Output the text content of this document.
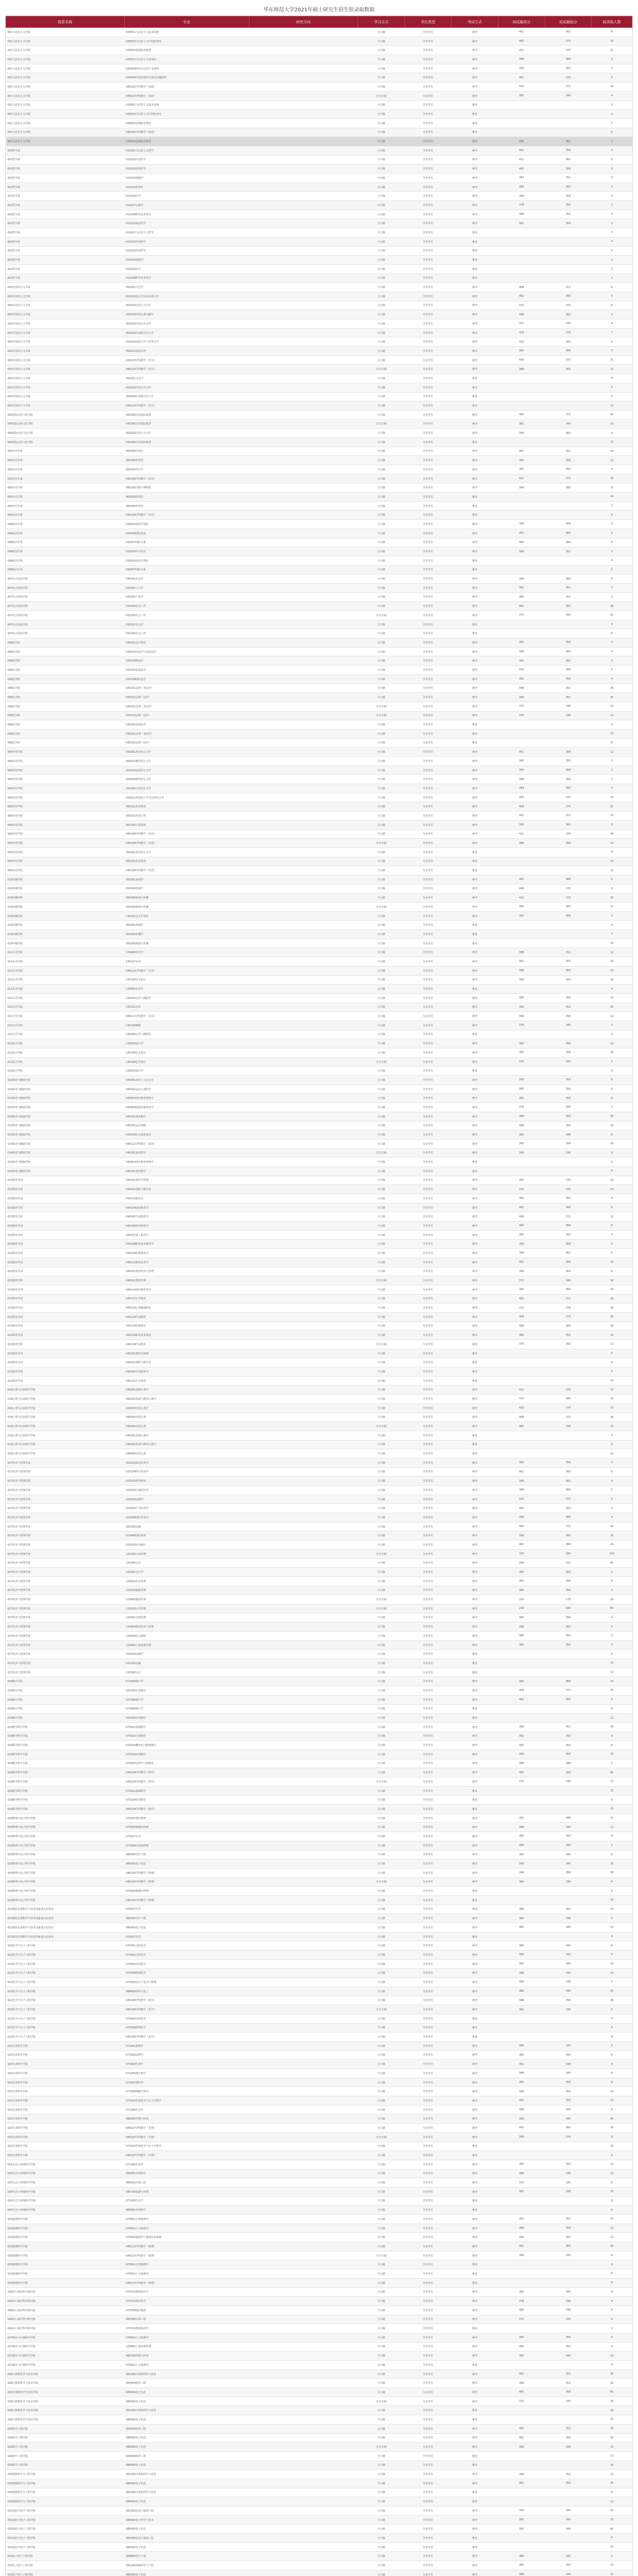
华东师范大学2021年硕士研究生招生拟录取数据
院系名称	专业	研究方向	学习方式	学位类型	考试方式	初试最高分	初试最低分	拟录取人数
001马克思主义学院	030501马克思主义基本原理		全日制	学术学位	统考	402	362	6
001马克思主义学院	030503马克思主义中国化研究		全日制	学术学位	统考	405	373	10
001马克思主义学院	030505思想政治教育		全日制	学术学位	统考	411	375	11
001马克思主义学院	030502马克思主义发展史		全日制	学术学位	统考	398	368	4
001马克思主义学院	030504国外马克思主义研究		全日制	学术学位	统考	390	365	3
001马克思主义学院	030506中国近现代史基本问题研究		全日制	学术学位	统考	401	370	5
001马克思主义学院	045102学科教学（思政）		全日制	专业学位	统考	410	372	16
001马克思主义学院	045102学科教学（思政）		非全日制	专业学位	统考	385	346	4
001马克思主义学院	030501马克思主义基本原理		全日制	学术学位	推免			3
001马克思主义学院	030503马克思主义中国化研究		全日制	学术学位	推免			4
001马克思主义学院	030505思想政治教育		全日制	学术学位	推免			5
001马克思主义学院	045102学科教学（思政）		全日制	专业学位	推免			6
001马克思主义学院	030505思想政治教育		全日制	学术学位	统考	395	361	2
002哲学系	010101马克思主义哲学		全日制	学术学位	统考	402	356	4
002哲学系	010102中国哲学		全日制	学术学位	统考	412	361	5
002哲学系	010103外国哲学		全日制	学术学位	统考	405	358	6
002哲学系	010104逻辑学		全日制	学术学位	统考	387	351	3
002哲学系	010105伦理学		全日制	学术学位	统考	395	362	3
002哲学系	010106美学		全日制	学术学位	统考	399	356	4
002哲学系	010107宗教学		全日制	学术学位	统考	378	350	2
002哲学系	010108科学技术哲学		全日制	学术学位	统考	388	352	3
002哲学系	0101Z1政治哲学		全日制	学术学位	统考	391	355	2
002哲学系	010101马克思主义哲学		全日制	学术学位	推免			3
002哲学系	010102中国哲学		全日制	学术学位	推免			4
002哲学系	010103外国哲学		全日制	学术学位	推免			5
002哲学系	010104逻辑学		全日制	学术学位	推免			2
002哲学系	010106美学		全日制	学术学位	推免			2
002哲学系	010108科学技术哲学		全日制	学术学位	推免			2
003中国语言文学系	050101文艺学		全日制	学术学位	统考	408	372	6
003中国语言文学系	050102语言学及应用语言学		全日制	学术学位	统考	402	365	5
003中国语言文学系	050103汉语言文字学		全日制	学术学位	统考	415	370	6
003中国语言文学系	050104中国古典文献学		全日制	学术学位	统考	398	362	3
003中国语言文学系	050105中国古代文学		全日制	学术学位	统考	421	378	8
003中国语言文学系	050106中国现当代文学		全日制	学术学位	统考	418	376	7
003中国语言文学系	050108比较文学与世界文学		全日制	学术学位	统考	410	369	5
003中国语言文学系	0501Z1创意写作		全日制	学术学位	统考	395	360	3
003中国语言文学系	045103学科教学（语文）		全日制	专业学位	统考	409	375	31
003中国语言文学系	045103学科教学（语文）		非全日制	专业学位	统考	388	350	12
003中国语言文学系	050101文艺学		全日制	学术学位	推免			4
003中国语言文学系	050105中国古代文学		全日制	学术学位	推免			6
003中国语言文学系	050106中国现当代文学		全日制	学术学位	推免			5
003中国语言文学系	045103学科教学（语文）		全日制	专业学位	推免			15
004国际汉语文化学院	045300汉语国际教育		全日制	专业学位	统考	405	371	42
004国际汉语文化学院	045300汉语国际教育		非全日制	专业学位	统考	381	343	10
004国际汉语文化学院	050103汉语言文字学		全日制	学术学位	统考	396	362	4
004国际汉语文化学院	045300汉语国际教育		全日制	专业学位	推免			12
005历史学系	060200中国史		全日制	学术学位	统考	402	361	18
005历史学系	060300世界史		全日制	学术学位	统考	395	356	12
005历史学系	060100考古学		全日制	学术学位	统考	382	350	4
005历史学系	045109学科教学（历史）		全日制	专业学位	统考	411	372	20
005历史学系	065100文物与博物馆		全日制	专业学位	统考	398	360	8
005历史学系	060200中国史		全日制	学术学位	推免			10
005历史学系	060300世界史		全日制	学术学位	推免			7
005历史学系	045109学科教学（历史）		全日制	专业学位	推免			8
006政治学系	030201政治学理论		全日制	学术学位	统考	396	358	5
006政治学系	030206国际政治		全日制	学术学位	统考	402	364	6
006政治学系	030207国际关系		全日制	学术学位	统考	405	366	6
006政治学系	030203中共党史		全日制	学术学位	统考	388	352	3
006政治学系	030201政治学理论		全日制	学术学位	推免			4
006政治学系	030207国际关系		全日制	学术学位	推免			5
007社会发展学院	030301社会学		全日制	学术学位	统考	398	360	8
007社会发展学院	030302人口学		全日制	学术学位	统考	381	351	3
007社会发展学院	030303人类学		全日制	学术学位	统考	385	352	3
007社会发展学院	035200社会工作		全日制	专业学位	统考	402	365	28
007社会发展学院	035200社会工作		非全日制	专业学位	统考	372	340	10
007社会发展学院	030301社会学		全日制	学术学位	推免			6
007社会发展学院	035200社会工作		全日制	专业学位	推免			8
008法学院	030101法学理论		全日制	学术学位	统考	395	356	3
008法学院	030103宪法学与行政法学		全日制	学术学位	统考	398	360	4
008法学院	030104刑法学		全日制	学术学位	统考	402	362	4
008法学院	030105民商法学		全日制	学术学位	统考	410	368	5
008法学院	030109国际法学		全日制	学术学位	统考	392	358	4
008法学院	035101法律（非法学）		全日制	专业学位	统考	398	352	35
008法学院	035102法律（法学）		全日制	专业学位	统考	396	351	30
008法学院	035101法律（非法学）		非全日制	专业学位	统考	375	338	12
008法学院	035102法律（法学）		非全日制	专业学位	统考	370	336	10
008法学院	030105民商法学		全日制	学术学位	推免			4
008法学院	035101法律（非法学）		全日制	专业学位	推免			10
008法学院	035102法律（法学）		全日制	专业学位	推免			8
009外语学院	050201英语语言文学		全日制	学术学位	统考	401	368	12
009外语学院	050202俄语语言文学		全日制	学术学位	统考	385	355	3
009外语学院	050203法语语言文学		全日制	学术学位	统考	390	358	3
009外语学院	050204德语语言文学		全日制	学术学位	统考	388	356	3
009外语学院	050205日语语言文学		全日制	学术学位	统考	394	360	4
009外语学院	050211外国语言学及应用语言学		全日制	学术学位	统考	405	370	10
009外语学院	055101英语笔译		全日制	专业学位	统考	408	375	25
009外语学院	055102英语口译		全日制	专业学位	统考	402	372	15
009外语学院	055105日语笔译		全日制	专业学位	统考	395	362	6
009外语学院	045108学科教学（英语）		全日制	专业学位	统考	412	378	36
009外语学院	045108学科教学（英语）		非全日制	专业学位	统考	386	350	10
009外语学院	050201英语语言文学		全日制	学术学位	推免			8
009外语学院	055101英语笔译		全日制	专业学位	推免			10
009外语学院	045108学科教学（英语）		全日制	专业学位	推免			12
010传播学院	050301新闻学		全日制	学术学位	统考	405	368	6
010传播学院	050302传播学		全日制	学术学位	统考	408	370	6
010传播学院	055200新闻与传播		全日制	专业学位	统考	410	372	30
010传播学院	055200新闻与传播		非全日制	专业学位	统考	380	345	8
010传播学院	135101艺术学理论		全日制	学术学位	统考	392	358	3
010传播学院	050301新闻学		全日制	学术学位	推免			4
010传播学院	050302传播学		全日制	学术学位	推免			4
010传播学院	055200新闻与传播		全日制	专业学位	推免			10
011美术学院	130400美术学		全日制	学术学位	统考	388	352	12
011美术学院	135107美术		全日制	专业学位	统考	392	355	18
011美术学院	045113学科教学（美术）		全日制	专业学位	统考	396	360	14
011美术学院	135108艺术设计		全日制	专业学位	统考	390	354	16
011美术学院	130400美术学		全日制	学术学位	推免			4
012音乐学院	130200音乐与舞蹈学		全日制	学术学位	统考	385	350	10
012音乐学院	135101音乐		全日制	专业学位	统考	390	352	20
012音乐学院	045111学科教学（音乐）		全日制	专业学位	统考	394	358	12
012音乐学院	135106舞蹈		全日制	专业学位	统考	376	345	5
012音乐学院	130200音乐与舞蹈学		全日制	学术学位	推免			3
013设计学院	130500设计学		全日制	学术学位	统考	392	356	10
013设计学院	135108艺术设计		全日制	专业学位	统考	395	358	24
013设计学院	135108艺术设计		非全日制	专业学位	统考	370	340	6
013设计学院	130500设计学		全日制	学术学位	推免			4
014体育与健康学院	040301体育人文社会学		全日制	学术学位	统考	390	355	6
014体育与健康学院	040302运动人体科学		全日制	学术学位	统考	385	350	6
014体育与健康学院	040303体育教育训练学		全日制	学术学位	统考	392	356	8
014体育与健康学院	040304民族传统体育学		全日制	学术学位	统考	376	346	3
014体育与健康学院	045201体育教学		全日制	专业学位	统考	398	360	30
014体育与健康学院	045202运动训练		全日制	专业学位	统考	386	350	16
014体育与健康学院	045204社会体育指导		全日制	专业学位	统考	380	348	8
014体育与健康学院	045112学科教学（体育）		全日制	专业学位	统考	395	358	20
014体育与健康学院	045201体育教学		非全日制	专业学位	统考	366	336	8
014体育与健康学院	040303体育教育训练学		全日制	学术学位	推免			5
014体育与健康学院	045201体育教学		全日制	专业学位	推免			8
015教育学部	040101教育学原理		全日制	学术学位	统考	405	370	10
015教育学部	040102课程与教学论		全日制	学术学位	统考	410	375	14
015教育学部	040103教育史		全日制	学术学位	统考	392	360	4
015教育学部	040104比较教育学		全日制	学术学位	统考	402	368	6
015教育学部	040105学前教育学		全日制	学术学位	统考	408	372	12
015教育学部	040106高等教育学		全日制	学术学位	统考	400	366	8
015教育学部	040107成人教育学		全日制	学术学位	统考	385	355	3
015教育学部	040108职业技术教育学		全日制	学术学位	统考	390	358	5
015教育学部	040109特殊教育学		全日制	学术学位	统考	396	362	6
015教育学部	040110教育技术学		全日制	学术学位	统考	402	366	10
015教育学部	0401Z1教育经济与管理		全日制	学术学位	统考	398	364	6
015教育学部	045101教育管理		非全日制	专业学位	统考	372	340	30
015教育学部	045114现代教育技术		全日制	专业学位	统考	395	360	18
015教育学部	045115小学教育		全日制	专业学位	统考	405	372	28
015教育学部	045116心理健康教育		全日制	专业学位	统考	410	376	20
015教育学部	045118学前教育		全日制	专业学位	统考	408	374	30
015教育学部	045119特殊教育		全日制	专业学位	统考	398	365	16
015教育学部	045120职业技术教育		全日制	专业学位	统考	386	352	10
015教育学部	045118学前教育		非全日制	专业学位	统考	375	342	12
015教育学部	040101教育学原理		全日制	学术学位	推免			6
015教育学部	040102课程与教学论		全日制	学术学位	推免			8
015教育学部	040105学前教育学		全日制	学术学位	推免			6
015教育学部	045115小学教育		全日制	专业学位	推免			10
016心理与认知科学学院	040201基础心理学		全日制	学术学位	统考	412	378	10
016心理与认知科学学院	040202发展与教育心理学		全日制	学术学位	统考	415	380	12
016心理与认知科学学院	040203应用心理学		全日制	学术学位	统考	410	376	10
016心理与认知科学学院	045400应用心理		全日制	专业学位	统考	408	372	30
016心理与认知科学学院	045400应用心理		非全日制	专业学位	统考	382	348	10
016心理与认知科学学院	040201基础心理学		全日制	学术学位	推免			6
016心理与认知科学学院	040202发展与教育心理学		全日制	学术学位	推免			8
016心理与认知科学学院	045400应用心理		全日制	专业学位	推免			10
017经济与管理学部	020101政治经济学		全日制	学术学位	统考	395	358	4
017经济与管理学部	020104西方经济学		全日制	学术学位	统考	402	365	6
017经济与管理学部	020105世界经济		全日制	学术学位	统考	398	362	4
017经济与管理学部	020202区域经济学		全日制	学术学位	统考	396	360	5
017经济与管理学部	020204金融学		全日制	学术学位	统考	410	372	8
017经济与管理学部	020205产业经济学		全日制	学术学位	统考	400	364	5
017经济与管理学部	020206国际贸易学		全日制	学术学位	统考	398	360	4
017经济与管理学部	025100金融		全日制	专业学位	统考	405	372	40
017经济与管理学部	025400国际商务		全日制	专业学位	统考	398	365	20
017经济与管理学部	025200应用统计		全日制	专业学位	统考	402	368	20
017经济与管理学部	125100工商管理		非全日制	专业学位	统考	225	185	120
017经济与管理学部	125300会计		全日制	专业学位	统考	248	215	45
017经济与管理学部	120201会计学		全日制	学术学位	统考	395	360	5
017经济与管理学部	120202企业管理		全日制	学术学位	统考	392	358	6
017经济与管理学部	120203旅游管理		全日制	学术学位	统考	380	350	4
017经济与管理学部	125400旅游管理		非全日制	专业学位	统考	210	178	20
017经济与管理学部	125200公共管理		非全日制	专业学位	统考	218	180	80
017经济与管理学部	120401行政管理		全日制	学术学位	统考	395	358	4
017经济与管理学部	120403教育经济与管理		全日制	学术学位	统考	398	362	5
017经济与管理学部	120404社会保障		全日制	学术学位	统考	385	352	3
017经济与管理学部	120405土地资源管理		全日制	学术学位	统考	380	350	3
017经济与管理学部	020204金融学		全日制	学术学位	推免			6
017经济与管理学部	025100金融		全日制	专业学位	推免			15
017经济与管理学部	125300会计		全日制	专业学位	推免			12
018统计学院	071400统计学		全日制	学术学位	统考	405	368	14
018统计学院	025200应用统计		全日制	专业学位	统考	408	372	30
018统计学院	027000统计学		全日制	学术学位	统考	402	365	6
018统计学院	071400统计学		全日制	学术学位	推免			8
018统计学院	025200应用统计		全日制	专业学位	推免			12
019数学科学学院	070101基础数学		全日制	学术学位	统考	398	352	18
019数学科学学院	070102计算数学		全日制	学术学位	统考	392	350	8
019数学科学学院	070103概率论与数理统计		全日制	学术学位	统考	395	352	8
019数学科学学院	070104应用数学		全日制	学术学位	统考	396	354	10
019数学科学学院	070105运筹学与控制论		全日制	学术学位	统考	386	348	5
019数学科学学院	045104学科教学（数学）		全日制	专业学位	统考	405	366	40
019数学科学学院	045104学科教学（数学）		非全日制	专业学位	统考	372	338	12
019数学科学学院	070101基础数学		全日制	学术学位	推免			12
019数学科学学院	070104应用数学		全日制	学术学位	推免			6
019数学科学学院	045104学科教学（数学）		全日制	专业学位	推免			15
020物理与电子科学学院	070201理论物理		全日制	学术学位	统考	392	348	8
020物理与电子科学学院	070205凝聚态物理		全日制	学术学位	统考	388	345	12
020物理与电子科学学院	070207光学		全日制	学术学位	统考	385	342	8
020物理与电子科学学院	070208无线电物理		全日制	学术学位	统考	380	340	5
020物理与电子科学学院	080300光学工程		全日制	学术学位	统考	382	340	6
020物理与电子科学学院	085400电子信息		全日制	专业学位	统考	390	345	30
020物理与电子科学学院	045105学科教学（物理）		全日制	专业学位	统考	398	356	30
020物理与电子科学学院	045105学科教学（物理）		非全日制	专业学位	统考	365	330	8
020物理与电子科学学院	070205凝聚态物理		全日制	学术学位	推免			8
020物理与电子科学学院	045105学科教学（物理）		全日制	专业学位	推免			10
021精密光谱科学与技术国家重点实验室	070207光学		全日制	学术学位	统考	386	342	10
021精密光谱科学与技术国家重点实验室	080300光学工程		全日制	学术学位	统考	380	338	6
021精密光谱科学与技术国家重点实验室	085400电子信息		全日制	专业学位	统考	385	340	12
021精密光谱科学与技术国家重点实验室	070207光学		全日制	学术学位	推免			8
022化学与分子工程学院	070301无机化学		全日制	学术学位	统考	385	340	8
022化学与分子工程学院	070302分析化学		全日制	学术学位	统考	390	342	8
022化学与分子工程学院	070303有机化学		全日制	学术学位	统考	392	345	10
022化学与分子工程学院	070304物理化学		全日制	学术学位	统考	388	342	10
022化学与分子工程学院	070305高分子化学与物理		全日制	学术学位	统考	380	338	5
022化学与分子工程学院	085600材料与化工		全日制	专业学位	统考	386	340	25
022化学与分子工程学院	045106学科教学（化学）		全日制	专业学位	统考	398	358	28
022化学与分子工程学院	045106学科教学（化学）		非全日制	专业学位	统考	362	330	8
022化学与分子工程学院	070303有机化学		全日制	学术学位	推免			8
022化学与分子工程学院	070304物理化学		全日制	学术学位	推免			8
022化学与分子工程学院	045106学科教学（化学）		全日制	专业学位	推免			8
023生命科学学院	071001植物学		全日制	学术学位	统考	390	345	8
023生命科学学院	071002动物学		全日制	学术学位	统考	385	342	6
023生命科学学院	071003生理学		全日制	学术学位	统考	392	348	6
023生命科学学院	071005微生物学		全日制	学术学位	统考	388	345	6
023生命科学学院	071007遗传学		全日制	学术学位	统考	395	350	8
023生命科学学院	071009细胞生物学		全日制	学术学位	统考	398	352	10
023生命科学学院	071010生物化学与分子生物学		全日制	学术学位	统考	402	355	12
023生命科学学院	071300生态学		全日制	学术学位	统考	386	343	8
023生命科学学院	086000生物与医药		全日制	专业学位	统考	390	345	30
023生命科学学院	045107学科教学（生物）		全日制	专业学位	统考	400	360	30
023生命科学学院	045107学科教学（生物）		非全日制	专业学位	统考	368	334	8
023生命科学学院	071010生物化学与分子生物学		全日制	学术学位	推免			10
023生命科学学院	045107学科教学（生物）		全日制	专业学位	推免			8
024生态与环境科学学院	071300生态学		全日制	学术学位	统考	385	342	12
024生态与环境科学学院	083001环境科学		全日制	学术学位	统考	380	338	10
024生态与环境科学学院	083002环境工程		全日制	学术学位	统考	375	335	6
024生态与环境科学学院	085700资源与环境		全日制	专业学位	统考	382	338	25
024生态与环境科学学院	071300生态学		全日制	学术学位	推免			8
024生态与环境科学学院	083001环境科学		全日制	学术学位	推免			6
025地理科学学院	070501自然地理学		全日制	学术学位	统考	392	352	10
025地理科学学院	070502人文地理学		全日制	学术学位	统考	398	358	12
025地理科学学院	070503地图学与地理信息系统		全日制	学术学位	统考	395	355	12
025地理科学学院	045110学科教学（地理）		全日制	专业学位	统考	402	365	30
025地理科学学院	045110学科教学（地理）		非全日制	专业学位	统考	368	335	8
025地理科学学院	070501自然地理学		全日制	学术学位	推免			6
025地理科学学院	070502人文地理学		全日制	学术学位	推免			8
025地理科学学院	045110学科教学（地理）		全日制	专业学位	推免			8
026河口海岸科学研究院	070701物理海洋学		全日制	学术学位	统考	382	340	8
026河口海岸科学研究院	070702海洋化学		全日制	学术学位	统考	378	338	4
026河口海岸科学研究院	070704海洋地质		全日制	学术学位	统考	380	338	6
026河口海岸科学研究院	081500水利工程		全日制	学术学位	统考	372	335	4
026河口海岸科学研究院	070701物理海洋学		全日制	学术学位	推免			5
027城市与区域科学学院	070502人文地理学		全日制	学术学位	统考	395	356	8
027城市与区域科学学院	120405土地资源管理		全日制	学术学位	统考	385	350	4
027城市与区域科学学院	085700资源与环境		全日制	专业学位	统考	380	340	10
027城市与区域科学学院	070502人文地理学		全日制	学术学位	推免			4
028计算机科学与技术学院	081200计算机科学与技术		全日制	学术学位	统考	402	355	30
028计算机科学与技术学院	083500软件工程		全日制	学术学位	统考	398	352	10
028计算机科学与技术学院	085400电子信息		全日制	专业学位	统考	405	358	60
028计算机科学与技术学院	085400电子信息		非全日制	专业学位	统考	372	330	20
028计算机科学与技术学院	081200计算机科学与技术		全日制	学术学位	推免			18
028计算机科学与技术学院	085400电子信息		全日制	专业学位	推免			25
029软件工程学院	083500软件工程		全日制	学术学位	统考	400	352	20
029软件工程学院	085400电子信息		全日制	专业学位	统考	402	355	50
029软件工程学院	085400电子信息		非全日制	专业学位	统考	368	328	15
029软件工程学院	083500软件工程		全日制	学术学位	推免			12
029软件工程学院	085400电子信息		全日制	专业学位	推免			20
030数据科学与工程学院	081200计算机科学与技术		全日制	学术学位	统考	398	352	12
030数据科学与工程学院	085400电子信息		全日制	专业学位	统考	402	355	30
030数据科学与工程学院	081200计算机科学与技术		全日制	学术学位	推免			8
030数据科学与工程学院	085400电子信息		全日制	专业学位	推免			12
031通信与电子工程学院	081000信息与通信工程		全日制	学术学位	统考	390	345	15
031通信与电子工程学院	080900电子科学与技术		全日制	学术学位	统考	385	342	10
031通信与电子工程学院	085400电子信息		全日制	专业学位	统考	392	346	40
031通信与电子工程学院	081000信息与通信工程		全日制	学术学位	推免			8
031通信与电子工程学院	085400电子信息		全日制	专业学位	推免			15
032电子电气工程学院	080800电气工程		全日制	学术学位	统考	380	340	6
032电子电气工程学院	081100控制科学与工程		全日制	学术学位	统考	385	342	10
032电子电气工程学院	085400电子信息		全日制	专业学位	统考	388	344	25
